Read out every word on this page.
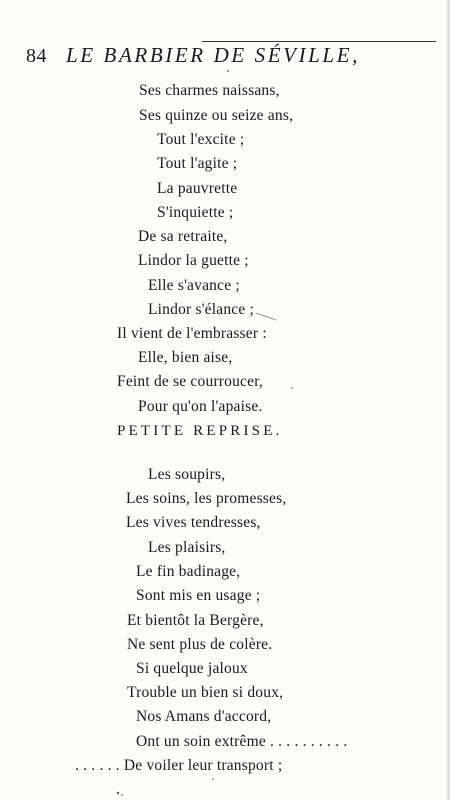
84 LE BARBIER DE SÉVILLE,
Ses charmes naissans,
Ses quinze ou seize ans,
Tout l'excite ;
Tout l'agite ;
La pauvrette
S'inquiette ;
De sa retraite,
Lindor la guette ;
Elle s'avance ;
Lindor s'élance ;
Il vient de l'embrasser :
Elle, bien aise,
Feint de se courroucer,
Pour qu'on l'apaise.
PETITE REPRISE.
Les soupirs,
Les soins, les promesses,
Les vives tendresses,
Les plaisirs,
Le fin badinage,
Sont mis en usage ;
Et bientôt la Bergère,
Ne sent plus de colère.
Si quelque jaloux
Trouble un bien si doux,
Nos Amans d'accord,
Ont un soin extrême . . . . . . . . . .
. . . . . . De voiler leur transport ;
